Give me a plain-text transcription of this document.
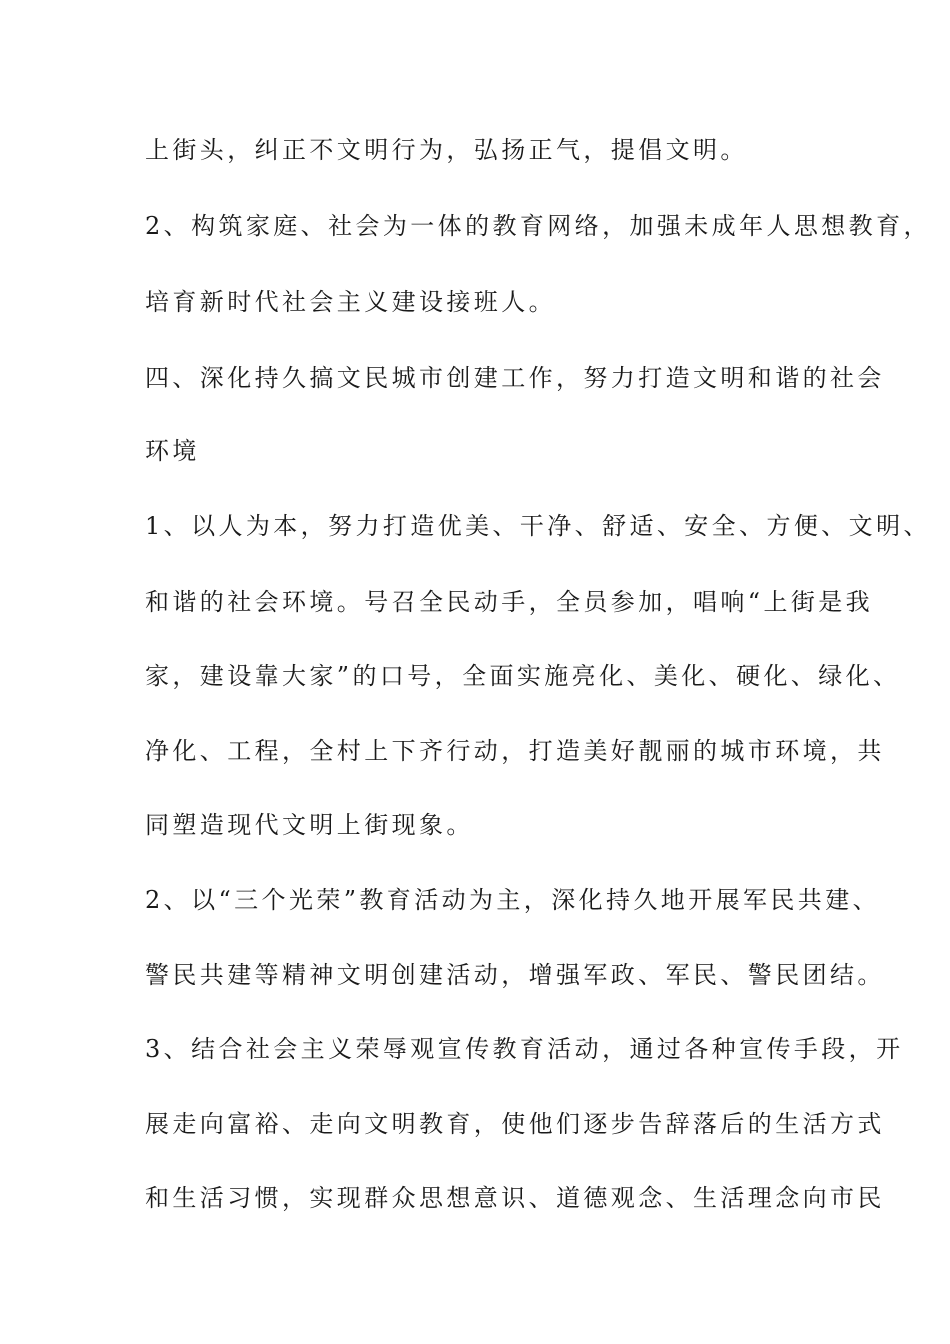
上街头，纠正不文明行为，弘扬正气，提倡文明。

2、构筑家庭、社会为一体的教育网络，加强未成年人思想教育，

培育新时代社会主义建设接班人。

四、深化持久搞文民城市创建工作，努力打造文明和谐的社会

环境

1、以人为本，努力打造优美、干净、舒适、安全、方便、文明、

和谐的社会环境。号召全民动手，全员参加，唱响“上街是我

家，建设靠大家”的口号，全面实施亮化、美化、硬化、绿化、

净化、工程，全村上下齐行动，打造美好靓丽的城市环境，共

同塑造现代文明上街现象。

2、以“三个光荣”教育活动为主，深化持久地开展军民共建、

警民共建等精神文明创建活动，增强军政、军民、警民团结。

3、结合社会主义荣辱观宣传教育活动，通过各种宣传手段，开

展走向富裕、走向文明教育，使他们逐步告辞落后的生活方式

和生活习惯，实现群众思想意识、道德观念、生活理念向市民
